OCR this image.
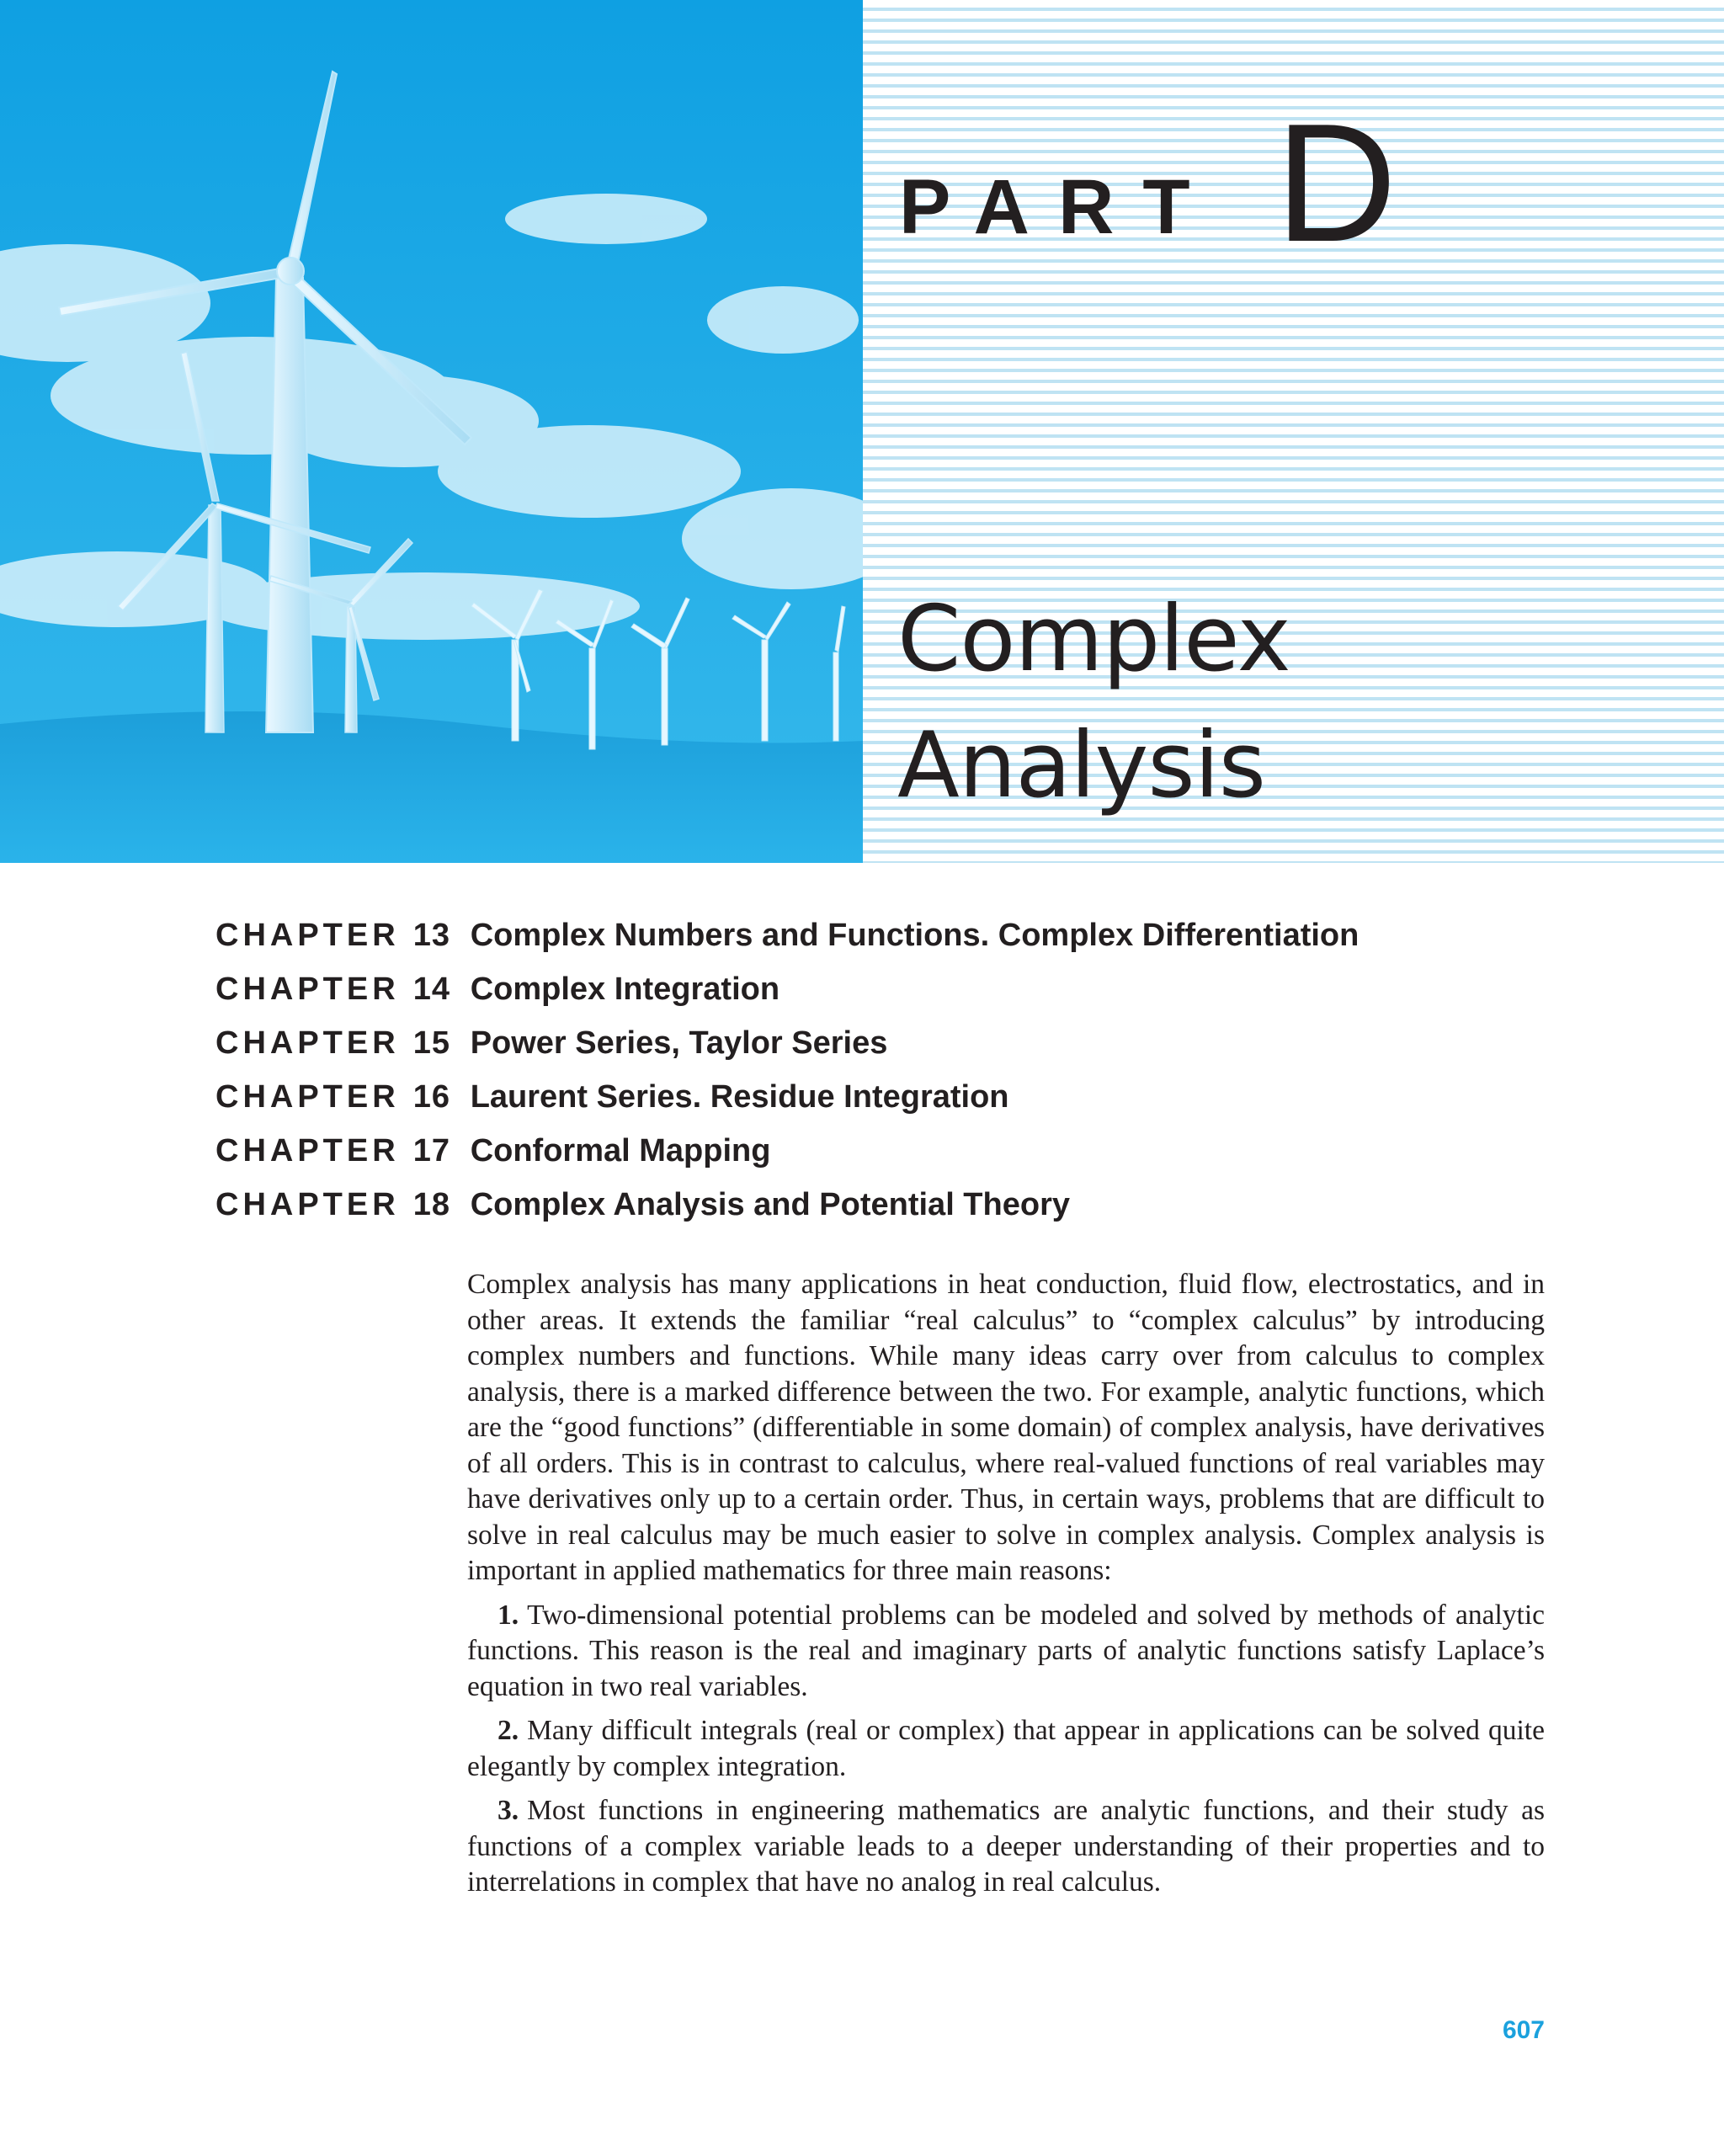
PART D
Complex
Analysis
CHAPTER 13 Complex Numbers and Functions. Complex Differentiation
CHAPTER 14 Complex Integration
CHAPTER 15 Power Series, Taylor Series
CHAPTER 16 Laurent Series. Residue Integration
CHAPTER 17 Conformal Mapping
CHAPTER 18 Complex Analysis and Potential Theory

Complex analysis has many applications in heat conduction, fluid flow, electrostatics, and in other areas. It extends the familiar “real calculus” to “complex calculus” by introducing complex numbers and functions. While many ideas carry over from calculus to complex analysis, there is a marked difference between the two. For example, analytic functions, which are the “good functions” (differentiable in some domain) of complex analysis, have derivatives of all orders. This is in contrast to calculus, where real-valued functions of real variables may have derivatives only up to a certain order. Thus, in certain ways, problems that are difficult to solve in real calculus may be much easier to solve in complex analysis. Complex analysis is important in applied mathematics for three main reasons:

1. Two-dimensional potential problems can be modeled and solved by methods of analytic functions. This reason is the real and imaginary parts of analytic functions satisfy Laplace’s equation in two real variables.

2. Many difficult integrals (real or complex) that appear in applications can be solved quite elegantly by complex integration.

3. Most functions in engineering mathematics are analytic functions, and their study as functions of a complex variable leads to a deeper understanding of their properties and to interrelations in complex that have no analog in real calculus.

607
